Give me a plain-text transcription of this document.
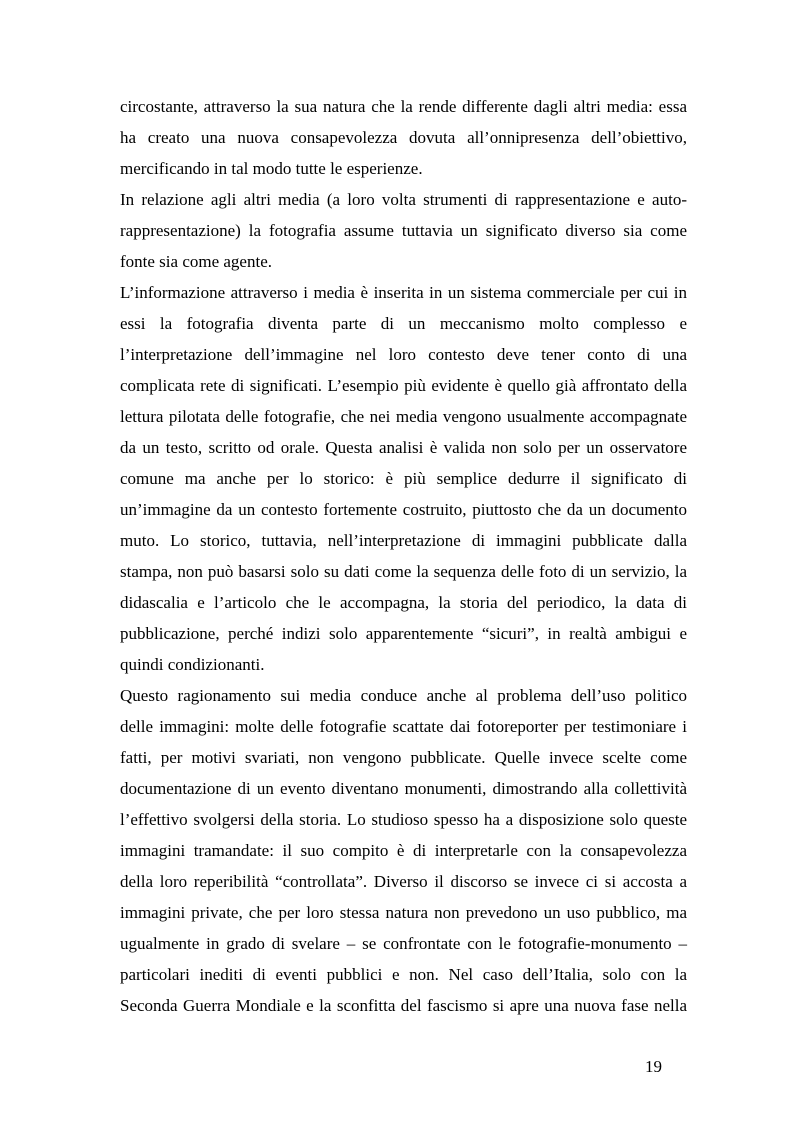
circostante, attraverso la sua natura che la rende differente dagli altri media: essa
ha creato una nuova consapevolezza dovuta all’onnipresenza dell’obiettivo,
mercificando in tal modo tutte le esperienze.
In relazione agli altri media (a loro volta strumenti di rappresentazione e auto-
rappresentazione) la fotografia assume tuttavia un significato diverso sia come
fonte sia come agente.
L’informazione attraverso i media è inserita in un sistema commerciale per cui in
essi la fotografia diventa parte di un meccanismo molto complesso e
l’interpretazione dell’immagine nel loro contesto deve tener conto di una
complicata rete di significati. L’esempio più evidente è quello già affrontato della
lettura pilotata delle fotografie, che nei media vengono usualmente accompagnate
da un testo, scritto od orale. Questa analisi è valida non solo per un osservatore
comune ma anche per lo storico: è più semplice dedurre il significato di
un’immagine da un contesto fortemente costruito, piuttosto che da un documento
muto. Lo storico, tuttavia, nell’interpretazione di immagini pubblicate dalla
stampa, non può basarsi solo su dati come la sequenza delle foto di un servizio, la
didascalia e l’articolo che le accompagna, la storia del periodico, la data di
pubblicazione, perché indizi solo apparentemente “sicuri”, in realtà ambigui e
quindi condizionanti.
Questo ragionamento sui media conduce anche al problema dell’uso politico
delle immagini: molte delle fotografie scattate dai fotoreporter per testimoniare i
fatti, per motivi svariati, non vengono pubblicate. Quelle invece scelte come
documentazione di un evento diventano monumenti, dimostrando alla collettività
l’effettivo svolgersi della storia. Lo studioso spesso ha a disposizione solo queste
immagini tramandate: il suo compito è di interpretarle con la consapevolezza
della loro reperibilità “controllata”. Diverso il discorso se invece ci si accosta a
immagini private, che per loro stessa natura non prevedono un uso pubblico, ma
ugualmente in grado di svelare – se confrontate con le fotografie-monumento –
particolari inediti di eventi pubblici e non. Nel caso dell’Italia, solo con la
Seconda Guerra Mondiale e la sconfitta del fascismo si apre una nuova fase nella
19
